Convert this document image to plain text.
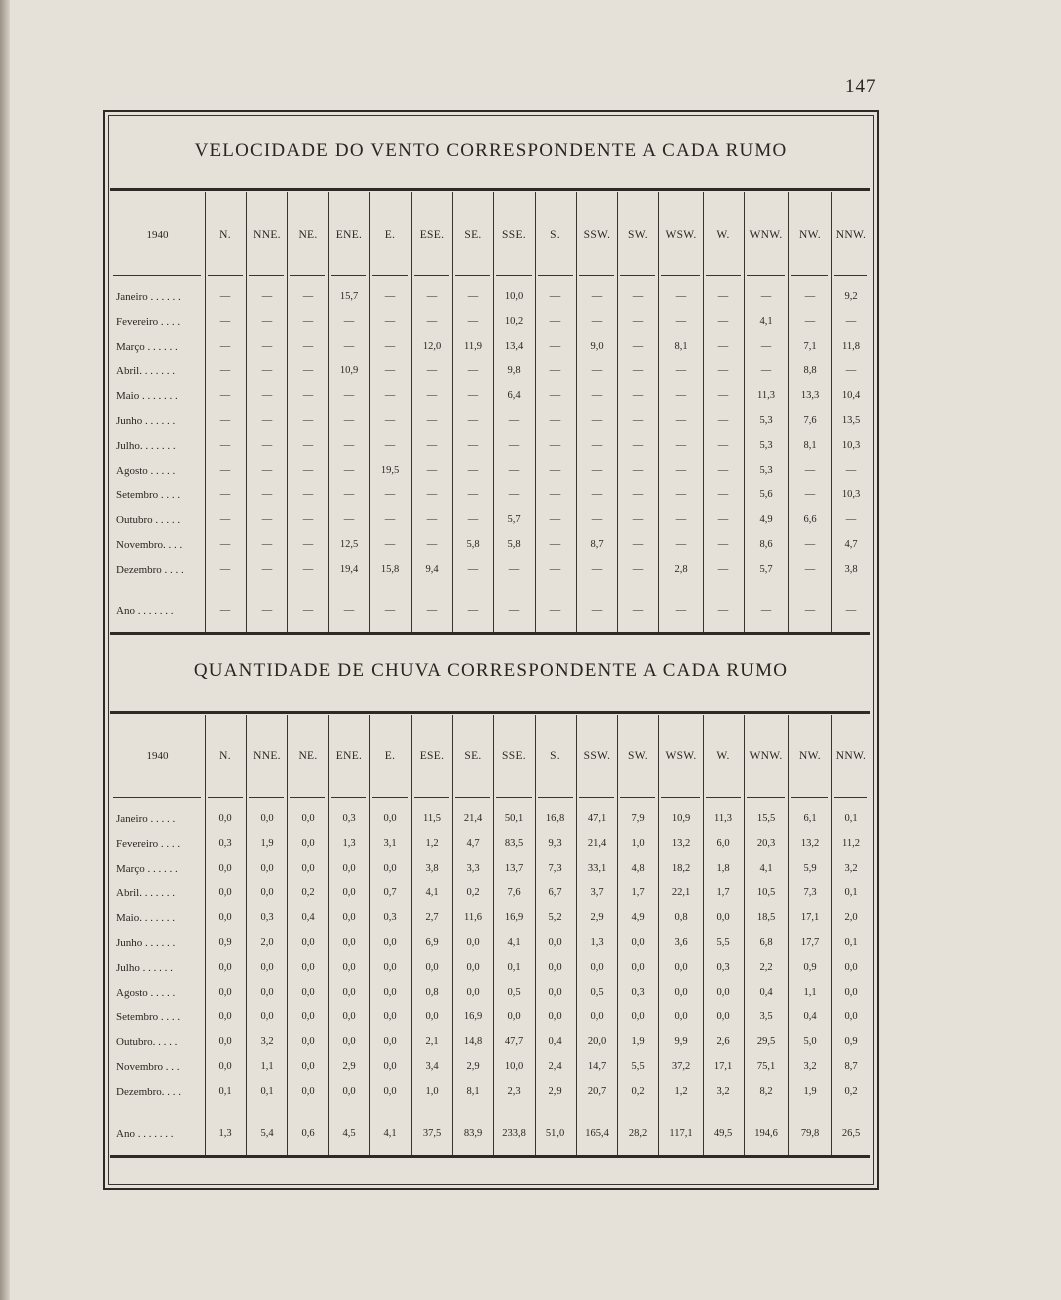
147
VELOCIDADE DO VENTO CORRESPONDENTE A CADA RUMO
1940	N.	NNE.	NE.	ENE.	E.	ESE.	SE.	SSE.	S.	SSW.	SW.	WSW.	W.	WNW.	NW.	NNW.
Janeiro . . . . . .	—	—	—	15,7	—	—	—	10,0	—	—	—	—	—	—	—	9,2
Fevereiro . . . .	—	—	—	—	—	—	—	10,2	—	—	—	—	—	4,1	—	—
Março . . . . . .	—	—	—	—	—	12,0	11,9	13,4	—	9,0	—	8,1	—	—	7,1	11,8
Abril. . . . . . .	—	—	—	10,9	—	—	—	9,8	—	—	—	—	—	—	8,8	—
Maio . . . . . . .	—	—	—	—	—	—	—	6,4	—	—	—	—	—	11,3	13,3	10,4
Junho . . . . . .	—	—	—	—	—	—	—	—	—	—	—	—	—	5,3	7,6	13,5
Julho. . . . . . .	—	—	—	—	—	—	—	—	—	—	—	—	—	5,3	8,1	10,3
Agosto . . . . .	—	—	—	—	19,5	—	—	—	—	—	—	—	—	5,3	—	—
Setembro . . . .	—	—	—	—	—	—	—	—	—	—	—	—	—	5,6	—	10,3
Outubro . . . . .	—	—	—	—	—	—	—	5,7	—	—	—	—	—	4,9	6,6	—
Novembro. . . .	—	—	—	12,5	—	—	5,8	5,8	—	8,7	—	—	—	8,6	—	4,7
Dezembro . . . .	—	—	—	19,4	15,8	9,4	—	—	—	—	—	2,8	—	5,7	—	3,8
Ano . . . . . . .	—	—	—	—	—	—	—	—	—	—	—	—	—	—	—	—
QUANTIDADE DE CHUVA CORRESPONDENTE A CADA RUMO
1940	N.	NNE.	NE.	ENE.	E.	ESE.	SE.	SSE.	S.	SSW.	SW.	WSW.	W.	WNW.	NW.	NNW.
Janeiro . . . . .	0,0	0,0	0,0	0,3	0,0	11,5	21,4	50,1	16,8	47,1	7,9	10,9	11,3	15,5	6,1	0,1
Fevereiro . . . .	0,3	1,9	0,0	1,3	3,1	1,2	4,7	83,5	9,3	21,4	1,0	13,2	6,0	20,3	13,2	11,2
Março . . . . . .	0,0	0,0	0,0	0,0	0,0	3,8	3,3	13,7	7,3	33,1	4,8	18,2	1,8	4,1	5,9	3,2
Abril. . . . . . .	0,0	0,0	0,2	0,0	0,7	4,1	0,2	7,6	6,7	3,7	1,7	22,1	1,7	10,5	7,3	0,1
Maio. . . . . . .	0,0	0,3	0,4	0,0	0,3	2,7	11,6	16,9	5,2	2,9	4,9	0,8	0,0	18,5	17,1	2,0
Junho . . . . . .	0,9	2,0	0,0	0,0	0,0	6,9	0,0	4,1	0,0	1,3	0,0	3,6	5,5	6,8	17,7	0,1
Julho . . . . . .	0,0	0,0	0,0	0,0	0,0	0,0	0,0	0,1	0,0	0,0	0,0	0,0	0,3	2,2	0,9	0,0
Agosto . . . . .	0,0	0,0	0,0	0,0	0,0	0,8	0,0	0,5	0,0	0,5	0,3	0,0	0,0	0,4	1,1	0,0
Setembro . . . .	0,0	0,0	0,0	0,0	0,0	0,0	16,9	0,0	0,0	0,0	0,0	0,0	0,0	3,5	0,4	0,0
Outubro. . . . .	0,0	3,2	0,0	0,0	0,0	2,1	14,8	47,7	0,4	20,0	1,9	9,9	2,6	29,5	5,0	0,9
Novembro . . .	0,0	1,1	0,0	2,9	0,0	3,4	2,9	10,0	2,4	14,7	5,5	37,2	17,1	75,1	3,2	8,7
Dezembro. . . .	0,1	0,1	0,0	0,0	0,0	1,0	8,1	2,3	2,9	20,7	0,2	1,2	3,2	8,2	1,9	0,2
Ano . . . . . . .	1,3	5,4	0,6	4,5	4,1	37,5	83,9	233,8	51,0	165,4	28,2	117,1	49,5	194,6	79,8	26,5
